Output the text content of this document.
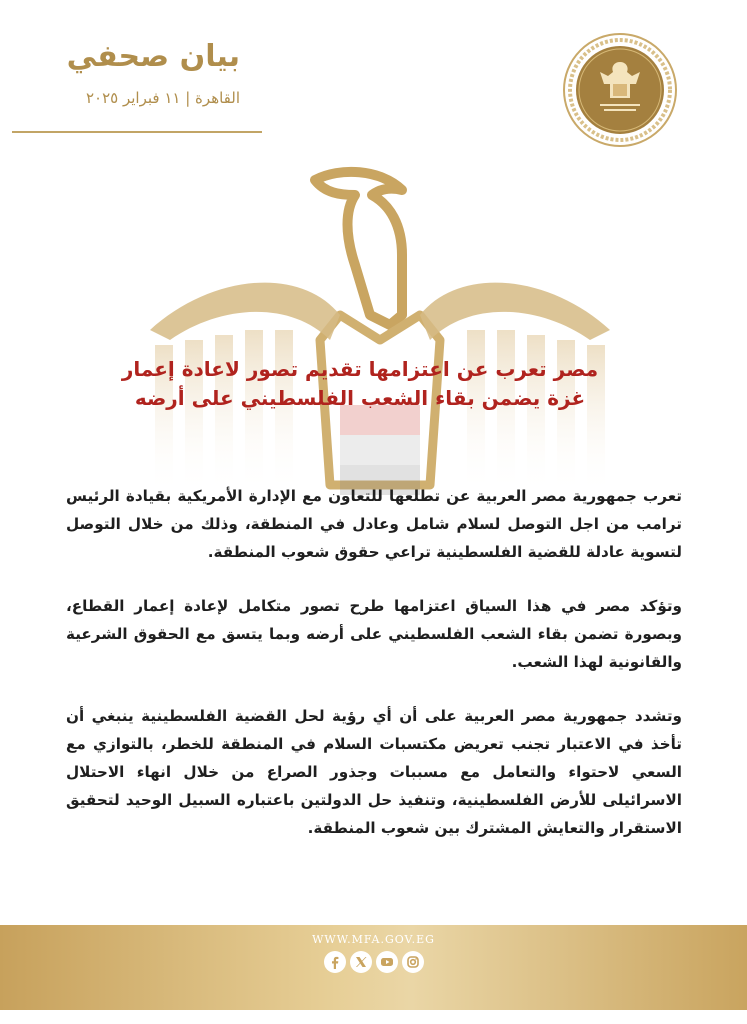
بيان صحفي
القاهرة | ١١ فبراير ٢٠٢٥

مصر تعرب عن اعتزامها تقديم تصور لاعادة إعمار

غزة يضمن بقاء الشعب الفلسطيني على أرضه

تعرب جمهورية مصر العربية عن تطلعها للتعاون مع الإدارة الأمريكية بقيادة الرئيس ترامب من اجل التوصل لسلام شامل وعادل في المنطقة، وذلك من خلال التوصل لتسوية عادلة للقضية الفلسطينية تراعي حقوق شعوب المنطقة.

وتؤكد مصر في هذا السياق اعتزامها طرح تصور متكامل لإعادة إعمار القطاع، وبصورة تضمن بقاء الشعب الفلسطيني على أرضه وبما يتسق مع الحقوق الشرعية والقانونية لهذا الشعب.

وتشدد جمهورية مصر العربية على أن أي رؤية لحل القضية الفلسطينية ينبغي أن تأخذ في الاعتبار تجنب تعريض مكتسبات السلام في المنطقة للخطر، بالتوازي مع السعي لاحتواء والتعامل مع مسببات وجذور الصراع من خلال انهاء الاحتلال الاسرائيلى للأرض الفلسطينية، وتنفيذ حل الدولتين باعتباره السبيل الوحيد لتحقيق الاستقرار والتعايش المشترك بين شعوب المنطقة.

WWW.MFA.GOV.EG
